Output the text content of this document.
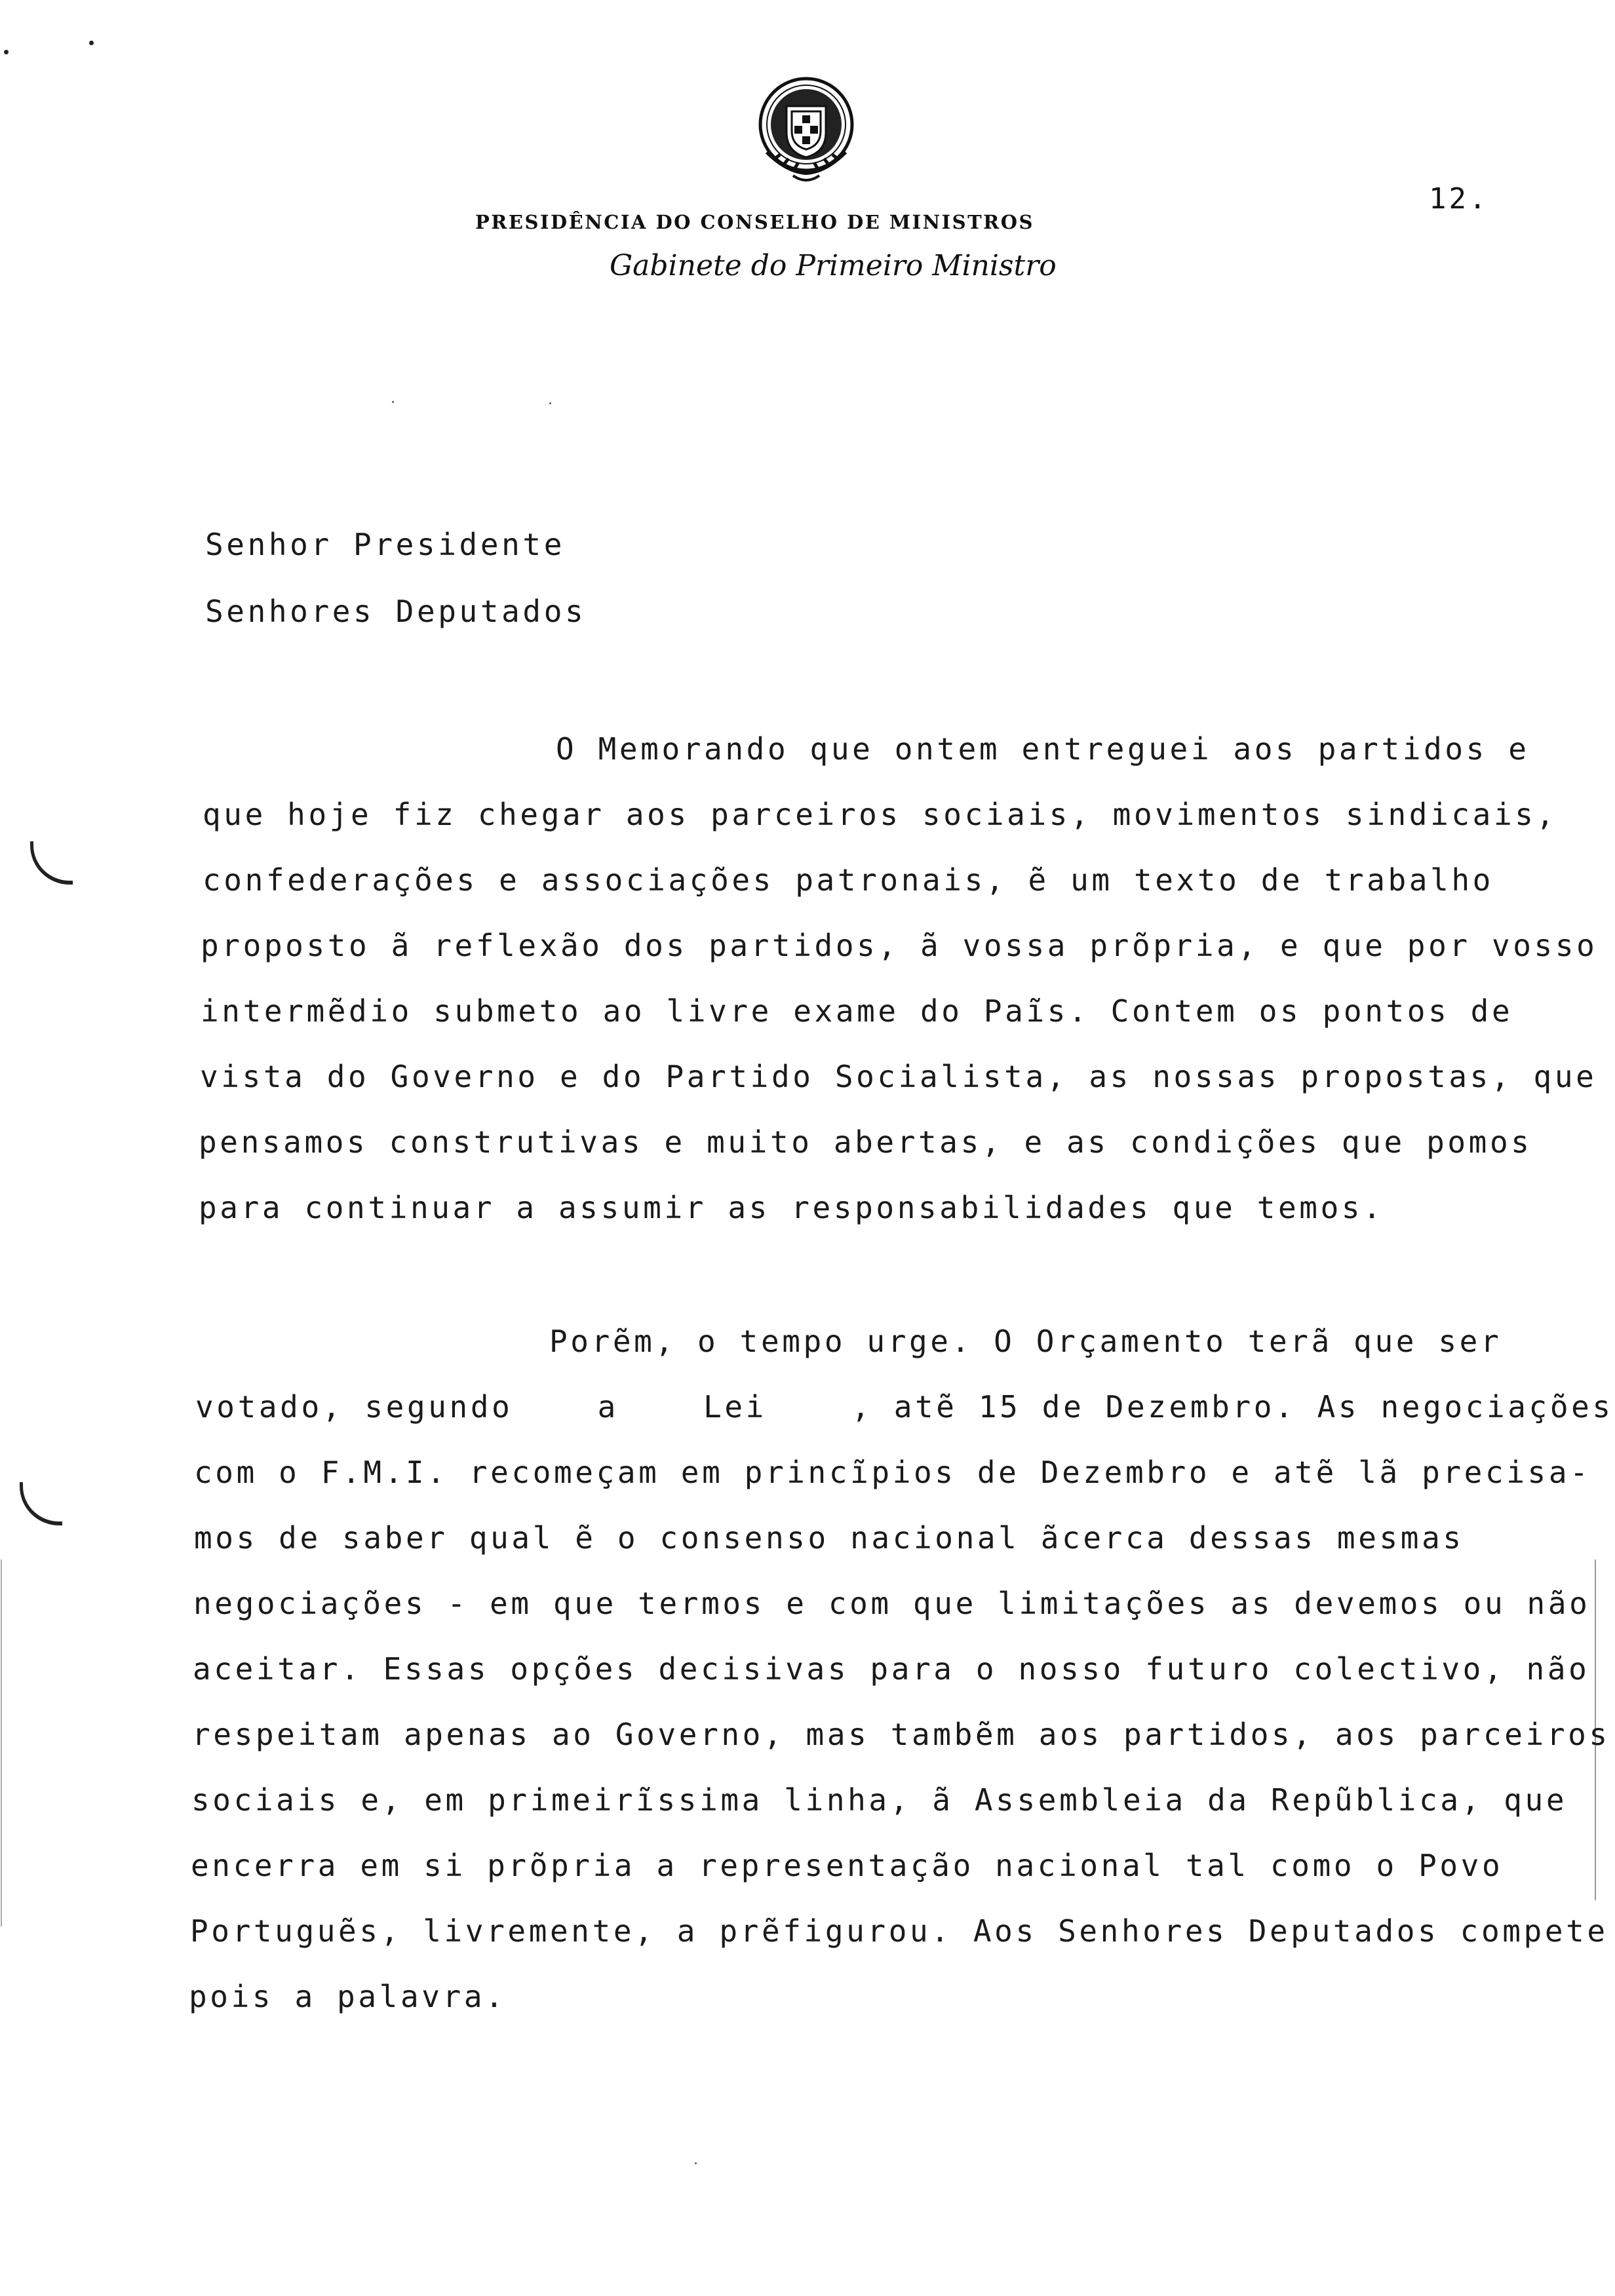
PRESIDÊNCIA DO CONSELHO DE MINISTROS
Gabinete do Primeiro Ministro
12.
Senhor Presidente
Senhores Deputados
O Memorando que ontem entreguei aos partidos e
que hoje fiz chegar aos parceiros sociais, movimentos sindicais,
confederações e associações patronais, ẽ um texto de trabalho
proposto ã reflexão dos partidos, ã vossa prõpria, e que por vosso
intermẽdio submeto ao livre exame do Paĩs. Contem os pontos de
vista do Governo e do Partido Socialista, as nossas propostas, que
pensamos construtivas e muito abertas, e as condições que pomos
para continuar a assumir as responsabilidades que temos.
Porẽm, o tempo urge. O Orçamento terã que ser
votado, segundo    a    Lei    , atẽ 15 de Dezembro. As negociações
com o F.M.I. recomeçam em princĩpios de Dezembro e atẽ lã precisa-
mos de saber qual ẽ o consenso nacional ãcerca dessas mesmas
negociações - em que termos e com que limitações as devemos ou não
aceitar. Essas opções decisivas para o nosso futuro colectivo, não
respeitam apenas ao Governo, mas tambẽm aos partidos, aos parceiros
sociais e, em primeirĩssima linha, ã Assembleia da Repũblica, que
encerra em si prõpria a representação nacional tal como o Povo
Portuguẽs, livremente, a prẽfigurou. Aos Senhores Deputados compete
pois a palavra.
